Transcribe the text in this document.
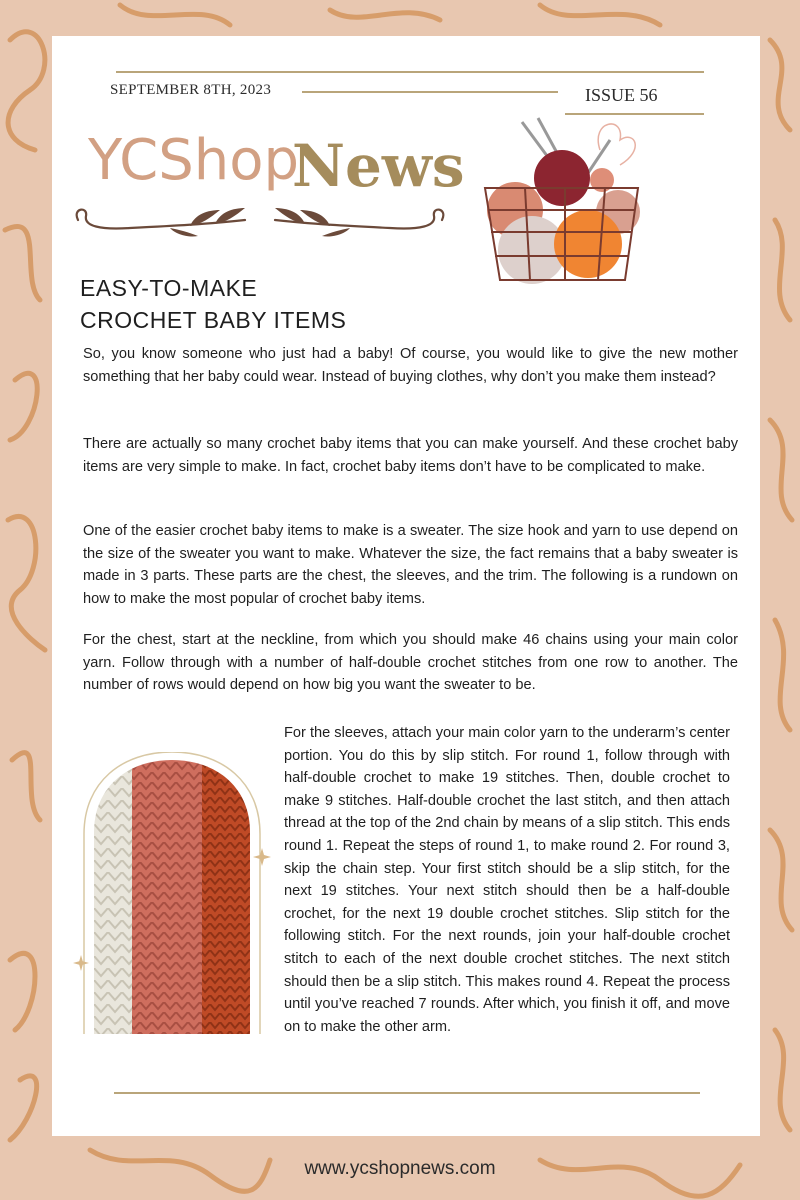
SEPTEMBER 8TH, 2023	ISSUE 56
YCShop
News
EASY-TO-MAKE
CROCHET BABY ITEMS

So, you know someone who just had a baby! Of course, you would like to give the new mother something that her baby could wear. Instead of buying clothes, why don’t you make them instead?

There are actually so many crochet baby items that you can make yourself. And these crochet baby items are very simple to make. In fact, crochet baby items don’t have to be complicated to make.

One of the easier crochet baby items to make is a sweater. The size hook and yarn to use depend on the size of the sweater you want to make. Whatever the size, the fact remains that a baby sweater is made in 3 parts. These parts are the chest, the sleeves, and the trim. The following is a rundown on how to make the most popular of crochet baby items.

For the chest, start at the neckline, from which you should make 46 chains using your main color yarn. Follow through with a number of half-double crochet stitches from one row to another. The number of rows would depend on how big you want the sweater to be.

For the sleeves, attach your main color yarn to the underarm’s center portion. You do this by slip stitch. For round 1, follow through with half-double crochet to make 19 stitches. Then, double crochet to make 9 stitches. Half-double crochet the last stitch, and then attach thread at the top of the 2nd chain by means of a slip stitch. This ends round 1. Repeat the steps of round 1, to make round 2. For round 3, skip the chain step. Your first stitch should be a slip stitch, for the next 19 stitches. Your next stitch should then be a half-double crochet, for the next 19 double crochet stitches. Slip stitch for the following stitch. For the next rounds, join your half-double crochet stitch to each of the next double crochet stitches. The next stitch should then be a slip stitch. This makes round 4. Repeat the process until you’ve reached 7 rounds. After which, you finish it off, and move on to make the other arm.

www.ycshopnews.com
